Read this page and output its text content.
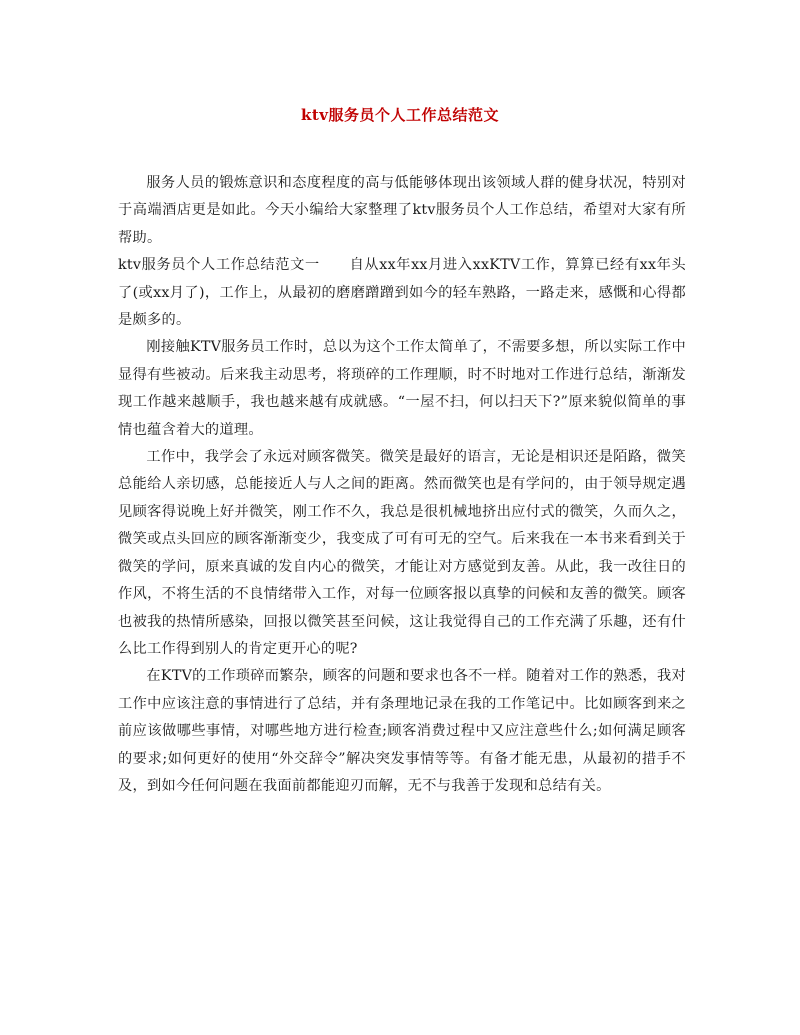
ktv服务员个人工作总结范文

服务人员的锻炼意识和态度程度的高与低能够体现出该领域人群的健身状况，特别对于高端酒店更是如此。今天小编给大家整理了ktv服务员个人工作总结，希望对大家有所帮助。

ktv服务员个人工作总结范文一　　自从xx年xx月进入xxKTV工作，算算已经有xx年头了(或xx月了)，工作上，从最初的磨磨蹭蹭到如今的轻车熟路，一路走来，感慨和心得都是颇多的。

刚接触KTV服务员工作时，总以为这个工作太简单了，不需要多想，所以实际工作中显得有些被动。后来我主动思考，将琐碎的工作理顺，时不时地对工作进行总结，渐渐发现工作越来越顺手，我也越来越有成就感。“一屋不扫，何以扫天下?”原来貌似简单的事情也蕴含着大的道理。

工作中，我学会了永远对顾客微笑。微笑是最好的语言，无论是相识还是陌路，微笑总能给人亲切感，总能接近人与人之间的距离。然而微笑也是有学问的，由于领导规定遇见顾客得说晚上好并微笑，刚工作不久，我总是很机械地挤出应付式的微笑，久而久之，微笑或点头回应的顾客渐渐变少，我变成了可有可无的空气。后来我在一本书来看到关于微笑的学问，原来真诚的发自内心的微笑，才能让对方感觉到友善。从此，我一改往日的作风，不将生活的不良情绪带入工作，对每一位顾客报以真挚的问候和友善的微笑。顾客也被我的热情所感染，回报以微笑甚至问候，这让我觉得自己的工作充满了乐趣，还有什么比工作得到别人的肯定更开心的呢?

在KTV的工作琐碎而繁杂，顾客的问题和要求也各不一样。随着对工作的熟悉，我对工作中应该注意的事情进行了总结，并有条理地记录在我的工作笔记中。比如顾客到来之前应该做哪些事情，对哪些地方进行检查;顾客消费过程中又应注意些什么;如何满足顾客的要求;如何更好的使用“外交辞令”解决突发事情等等。有备才能无患，从最初的措手不及，到如今任何问题在我面前都能迎刃而解，无不与我善于发现和总结有关。
